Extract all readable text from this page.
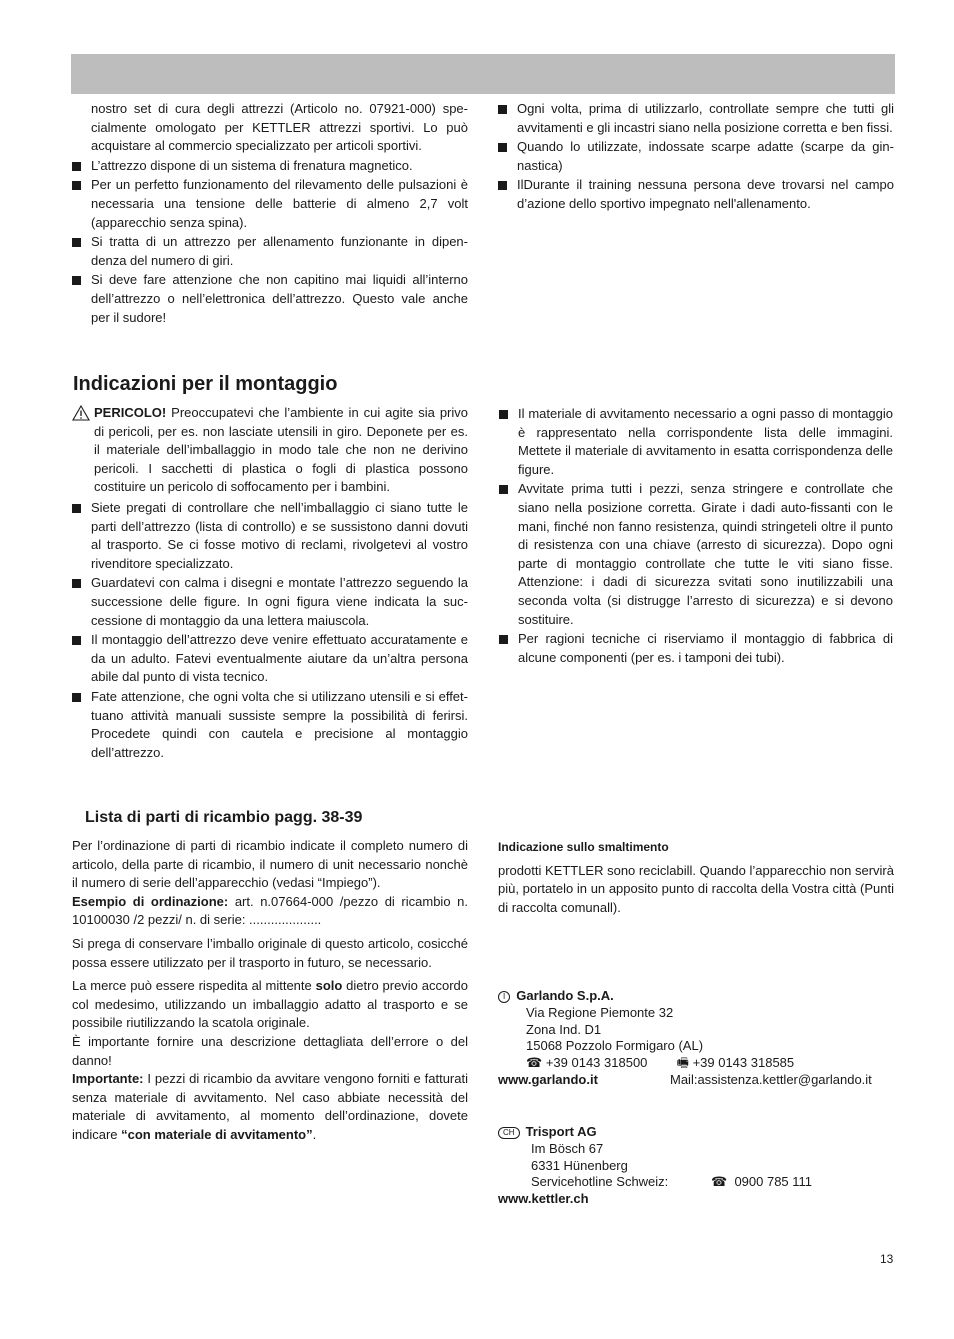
nostro set di cura degli attrezzi (Articolo no. 07921-000) specialmente omologato per KETTLER attrezzi sportivi. Lo può acquistare al commercio specializzato per articoli sportivi.

L’attrezzo dispone di un sistema di frenatura magnetico.
Per un perfetto funzionamento del rilevamento delle pulsazioni è necessaria una tensione delle batterie di almeno 2,7 volt (apparecchio senza spina).
Si tratta di un attrezzo per allenamento funzionante in dipendenza del numero di giri.
Si deve fare attenzione che non capitino mai liquidi all’interno dell’attrezzo o nell’elettronica dell’attrezzo. Questo vale anche per il sudore!
Ogni volta, prima di utilizzarlo, controllate sempre che tutti gli avvitamenti e gli incastri siano nella posizione corretta e ben fissi.
Quando lo utilizzate, indossate scarpe adatte (scarpe da ginnastica)
IlDurante il training nessuna persona deve trovarsi nel campo d’azione dello sportivo impegnato nell'allenamento.
Indicazioni per il montaggio
PERICOLO! Preoccupatevi che l’ambiente in cui agite sia privo di pericoli, per es. non lasciate utensili in giro. Deponete per es. il materiale dell’imballaggio in modo tale che non ne derivino pericoli. I sacchetti di plastica o fogli di plastica possono costituire un pericolo di soffocamento per i bambini.
Siete pregati di controllare che nell’imballaggio ci siano tutte le parti dell’attrezzo (lista di controllo) e se sussistono danni dovuti al trasporto. Se ci fosse motivo di reclami, rivolgetevi al vostro rivenditore specializzato.
Guardatevi con calma i disegni e montate l’attrezzo seguendo la successione delle figure. In ogni figura viene indicata la successione di montaggio da una lettera maiuscola.
Il montaggio dell’attrezzo deve venire effettuato accuratamente e da un adulto. Fatevi eventualmente aiutare da un’altra persona abile dal punto di vista tecnico.
Fate attenzione, che ogni volta che si utilizzano utensili e si effettuano attività manuali sussiste sempre la possibilità di ferirsi. Procedete quindi con cautela e precisione al montaggio dell’attrezzo.
Il materiale di avvitamento necessario a ogni passo di montaggio è rappresentato nella corrispondente lista delle immagini. Mettete il materiale di avvitamento in esatta corrispondenza delle figure.
Avvitate prima tutti i pezzi, senza stringere e controllate che siano nella posizione corretta. Girate i dadi auto-fissanti con le mani, finché non fanno resistenza, quindi stringeteli oltre il punto di resistenza con una chiave (arresto di sicurezza). Dopo ogni parte di montaggio controllate che tutte le viti siano fisse. Attenzione: i dadi di sicurezza svitati sono inutilizzabili una seconda volta (si distrugge l’arresto di sicurezza) e si devono sostituire.
Per ragioni tecniche ci riserviamo il montaggio di fabbrica di alcune componenti (per es. i tamponi dei tubi).
Lista di parti di ricambio pagg. 38-39

Per l’ordinazione di parti di ricambio indicate il completo numero di articolo, della parte di ricambio, il numero di unit necessario nonchè il numero di serie dell’apparecchio (vedasi “Impiego”).

Esempio di ordinazione: art. n.07664-000 /pezzo di ricambio n. 10100030 /2 pezzi/ n. di serie: ....................

Si prega di conservare l’imballo originale di questo articolo, cosicché possa essere utilizzato per il trasporto in futuro, se necessario.

La merce può essere rispedita al mittente solo dietro previo accordo col medesimo, utilizzando un imballaggio adatto al trasporto e se possibile riutilizzando la scatola originale.

È importante fornire una descrizione dettagliata dell’errore o del danno!

Importante: I pezzi di ricambio da avvitare vengono forniti e fatturati senza materiale di avvitamento. Nel caso abbiate necessità del materiale di avvitamento, al momento dell’ordinazione, dovete indicare “con materiale di avvitamento”.

Indicazione sullo smaltimento

prodotti KETTLER sono reciclabill. Quando l’apparecchio non servirà più, portatelo in un apposito punto di raccolta della Vostra città (Punti di raccolta comunall).

I Garlando S.p.A.
Via Regione Piemonte 32
Zona Ind. D1
15068 Pozzolo Formigaro (AL)
☎ +39 0143 318500 🖷 +39 0143 318585
www.garlando.it	Mail:assistenza.kettler@garlando.it
CH Trisport AG
Im Bösch 67
6331 Hünenberg
Servicehotline Schweiz:	☎ 0900 785 111
www.kettler.ch
13
